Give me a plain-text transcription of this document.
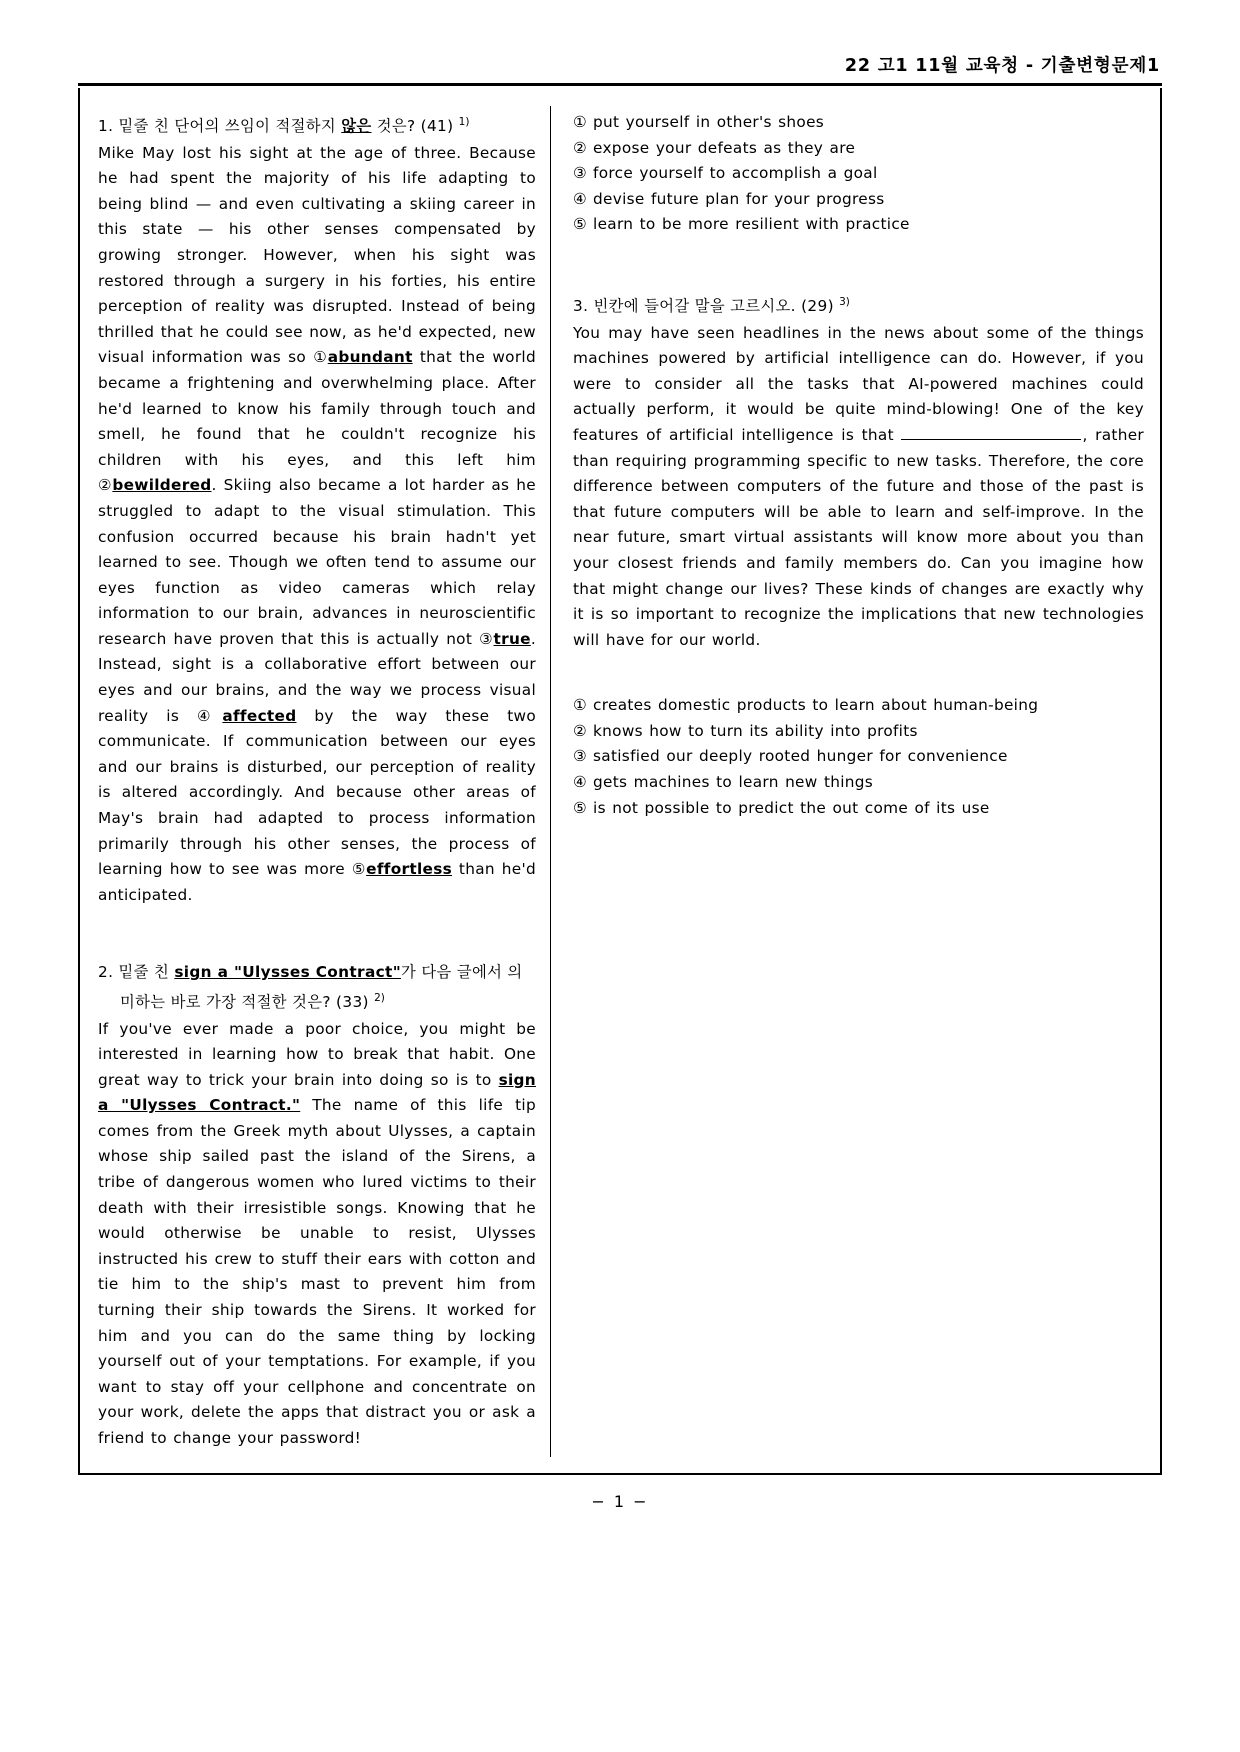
22 고1 11월 교육청 - 기출변형문제1
1. 밑줄 친 단어의 쓰임이 적절하지 않은 것은? (41) $^{1)}$
Mike May lost his sight at the age of three. Because he had spent the majority of his life adapting to being blind — and even cultivating a skiing career in this state — his other senses compensated by growing stronger. However, when his sight was restored through a surgery in his forties, his entire perception of reality was disrupted. Instead of being thrilled that he could see now, as he'd expected, new visual information was so ①abundant that the world became a frightening and overwhelming place. After he'd learned to know his family through touch and smell, he found that he couldn't recognize his children with his eyes, and this left him ②bewildered. Skiing also became a lot harder as he struggled to adapt to the visual stimulation. This confusion occurred because his brain hadn't yet learned to see. Though we often tend to assume our eyes function as video cameras which relay information to our brain, advances in neuroscientific research have proven that this is actually not ③true. Instead, sight is a collaborative effort between our eyes and our brains, and the way we process visual reality is ④affected by the way these two communicate. If communication between our eyes and our brains is disturbed, our perception of reality is altered accordingly. And because other areas of May's brain had adapted to process information primarily through his other senses, the process of learning how to see was more ⑤effortless than he'd anticipated.
2. 밑줄 친 sign a "Ulysses Contract"가 다음 글에서 의미하는 바로 가장 적절한 것은? (33) $^{2)}$
If you've ever made a poor choice, you might be interested in learning how to break that habit. One great way to trick your brain into doing so is to sign a "Ulysses Contract." The name of this life tip comes from the Greek myth about Ulysses, a captain whose ship sailed past the island of the Sirens, a tribe of dangerous women who lured victims to their death with their irresistible songs. Knowing that he would otherwise be unable to resist, Ulysses instructed his crew to stuff their ears with cotton and tie him to the ship's mast to prevent him from turning their ship towards the Sirens. It worked for him and you can do the same thing by locking yourself out of your temptations. For example, if you want to stay off your cellphone and concentrate on your work, delete the apps that distract you or ask a friend to change your password!
① put yourself in other's shoes
② expose your defeats as they are
③ force yourself to accomplish a goal
④ devise future plan for your progress
⑤ learn to be more resilient with practice
3. 빈칸에 들어갈 말을 고르시오. (29) $^{3)}$
You may have seen headlines in the news about some of the things machines powered by artificial intelligence can do. However, if you were to consider all the tasks that AI-powered machines could actually perform, it would be quite mind-blowing! One of the key features of artificial intelligence is that	, rather than requiring programming specific to new tasks. Therefore, the core difference between computers of the future and those of the past is that future computers will be able to learn and self-improve. In the near future, smart virtual assistants will know more about you than your closest friends and family members do. Can you imagine how that might change our lives? These kinds of changes are exactly why it is so important to recognize the implications that new technologies will have for our world.
① creates domestic products to learn about human-being
② knows how to turn its ability into profits
③ satisfied our deeply rooted hunger for convenience
④ gets machines to learn new things
⑤ is not possible to predict the out come of its use
− 1 −
